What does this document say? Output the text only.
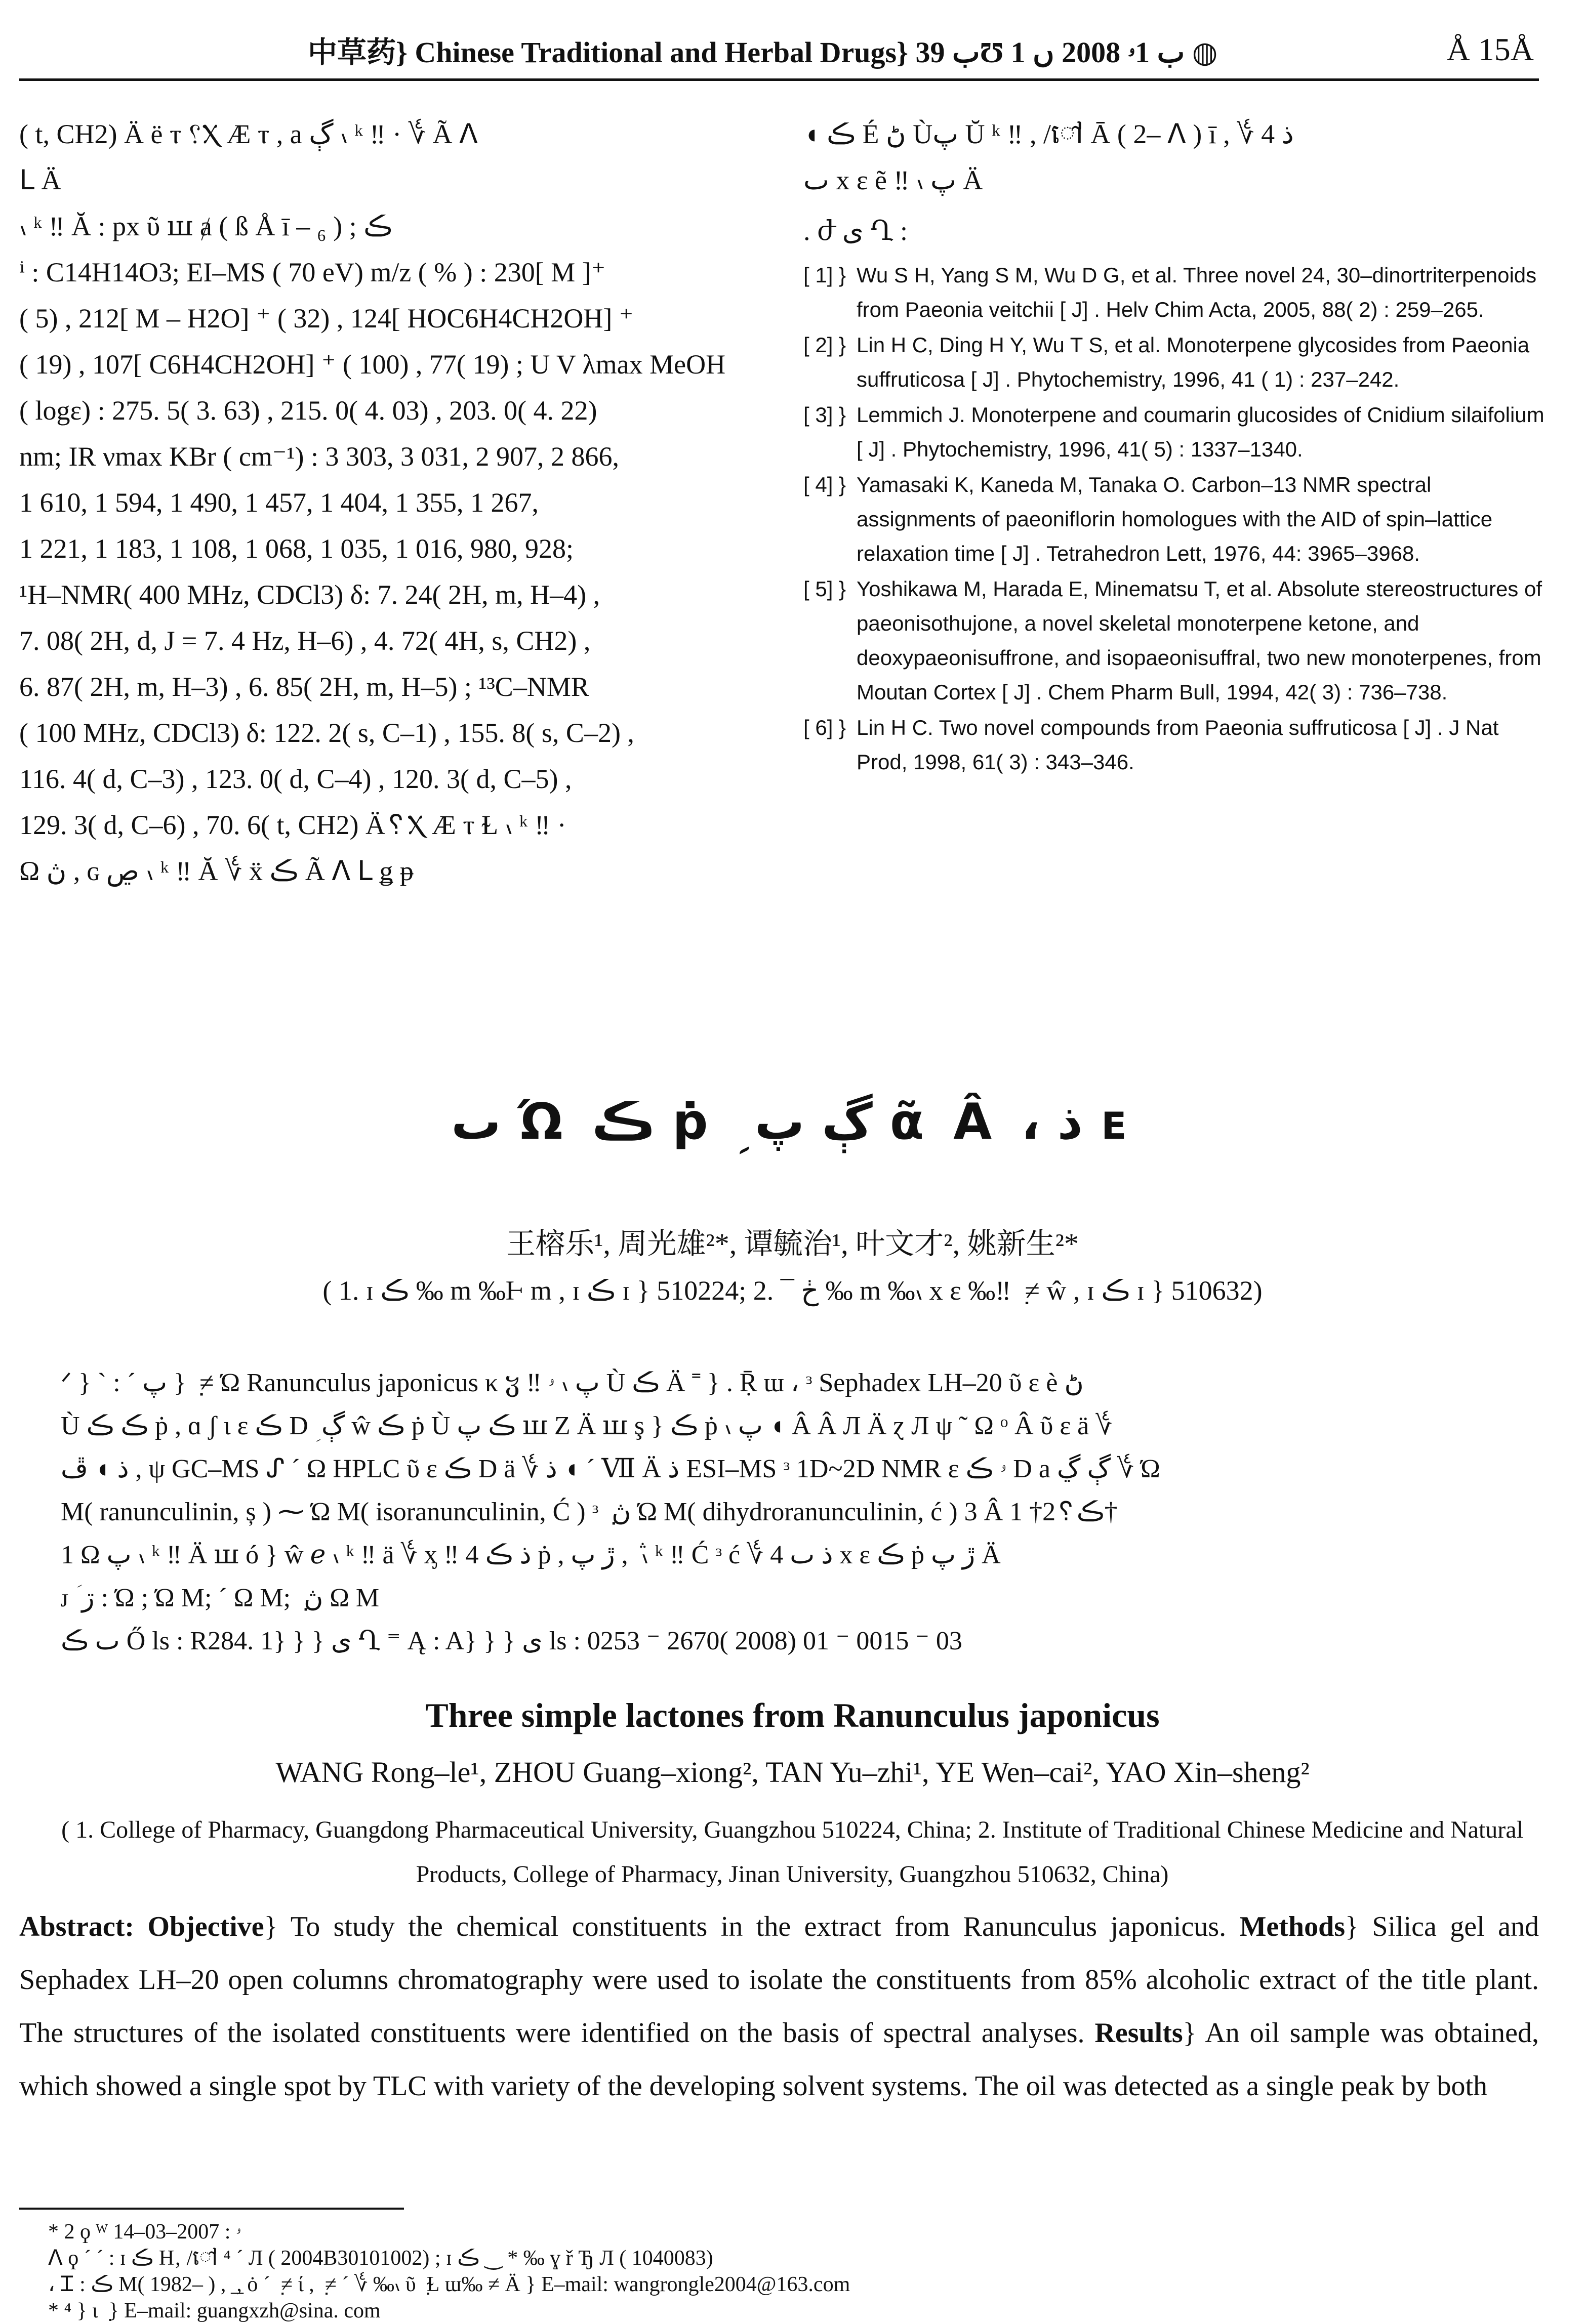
中草药} Chinese Traditional and Herbal Drugs} ب 39Ʊ ب 1ۥ 2008 ں 1 ◍	Å 15Å
( t, CH2) Ä ë ⲧ ␦Ⲭ Æ ⲧ , a ڳ ៶ ᵏ ‼ · ؇ Ã ᐱ
ᒪ Ä
៶ ᵏ ‼ Ă : px ῦ ꟺ ⱥ ( ß Å ī – ₆ ) ; ڪ
ⁱ : C14H14O3; EI–MS ( 70 eV) m/z ( % ) : 230[ M ]⁺
( 5) , 212[ M – H2O] ⁺ ( 32) , 124[ HOC6H4CH2OH] ⁺
( 19) , 107[ C6H4CH2OH] ⁺ ( 100) , 77( 19) ; U V λmax MeOH
( logε) : 275. 5( 3. 63) , 215. 0( 4. 03) , 203. 0( 4. 22)
nm; IR νmax KBr ( cm⁻¹) : 3 303, 3 031, 2 907, 2 866,
1 610, 1 594, 1 490, 1 457, 1 404, 1 355, 1 267,
1 221, 1 183, 1 108, 1 068, 1 035, 1 016, 980, 928;
¹H–NMR( 400 MHz, CDCl3) δ: 7. 24( 2H, m, H–4) ,
7. 08( 2H, d, J = 7. 4 Hz, H–6) , 4. 72( 4H, s, CH2) ,
6. 87( 2H, m, H–3) , 6. 85( 2H, m, H–5) ; ¹³C–NMR
( 100 MHz, CDCl3) δ: 122. 2( s, C–1) , 155. 8( s, C–2) ,
116. 4( d, C–3) , 123. 0( d, C–4) , 120. 3( d, C–5) ,
129. 3( d, C–6) , 70. 6( t, CH2) Ä␦Ⲭ Æ ⲧ Ɫ ៶ ᵏ ‼ ·
Ω ڽ , ɢ ڝ ៶ ᵏ ‼ Ă ؇ ẍ ڪ Ã ᐱ ᒪ ǥ ᵽ
◖ ڪ É ڻ Ùپ Ŭ ᵏ ‼ , /ៅ Ā ( 2– ᐱ ) ī , ؇ ذ 4
ٮ x ε ẽ ‼ ៶ پ Ä
. ժ ی Ղ :
[ 1] } Wu S H, Yang S M, Wu D G, et al. Three novel 24, 30–dinortriterpenoids from Paeonia veitchii [ J] . Helv Chim Acta, 2005, 88( 2) : 259–265.
[ 2] } Lin H C, Ding H Y, Wu T S, et al. Monoterpene glycosides from Paeonia suffruticosa [ J] . Phytochemistry, 1996, 41 ( 1) : 237–242.
[ 3] } Lemmich J. Monoterpene and coumarin glucosides of Cnidium silaifolium [ J] . Phytochemistry, 1996, 41( 5) : 1337–1340.
[ 4] } Yamasaki K, Kaneda M, Tanaka O. Carbon–13 NMR spectral assignments of paeoniflorin homologues with the AID of spin–lattice relaxation time [ J] . Tetrahedron Lett, 1976, 44: 3965–3968.
[ 5] } Yoshikawa M, Harada E, Minematsu T, et al. Absolute stereostructures of paeonisothujone, a novel skeletal monoterpene ketone, and deoxypaeonisuffrone, and isopaeonisuffral, two new monoterpenes, from Moutan Cortex [ J] . Chem Pharm Bull, 1994, 42( 3) : 736–738.
[ 6] } Lin H C. Two novel compounds from Paeonia suffruticosa [ J] . J Nat Prod, 1998, 61( 3) : 343–346.
ٮ Ώ ڪ ṗ ؚ ڳ پ ᾶ Â ، ذ ᴇ
王榕乐¹, 周光雄²*, 谭毓治¹, 叶文才², 姚新生²*
( 1. ɪ ڪ ‰ m ‰Ⱶ m , ɪ ڪ ɪ } 510224; 2. ¯ ڂ ‰ m ‰៶ x ε ‰‼ ݂ ≠ ŵ , ɪ ڪ ɪ } 510632)
ᐟ } ˋ : ˊ پ } ݂ ≠ Ώ Ranunculus japonicus κ ჳ ‼ پ ៶ ۥ Ù ڪ Ä ˭ } . Ṝ ɯ ، ᵌ Sephadex LH–20 ῦ ɛ è ڻ
Ù ڪ ڪ ṗ , ɑ ʃ ι ɛ ڪ D ؚ ڳ ŵ ڪ ṗ Ù ڪ پ ꟺ Ζ Ä ꟺ ş } ڪ ṗ ៶ پ ◖ Â Â Л Ä ɀ Л ψ ˜ Ω ᵒ Â ῦ ɛ ä ؇
ذ ◖ ڦ , ψ GC–MS ᔑ ˊ Ω HPLC ῦ ɛ ڪ D ä ؇ ذ ◖ ˊ Ⅶ Ä ذ ESI–MS ᵌ 1D~2D NMR ɛ ۥ ڪ D a ڳ ڲ ؇ Ώ
M( ranunculinin, ș ) ⁓ Ώ M( isoranunculinin, Ć ) ᵌ ݂ ڽ Ώ M( dihydroranunculinin, ć ) 3 Â ڪ␦2† 1†
1 Ω پ ៶ ᵏ ‼ Ä ꟺ ó } ŵ ℯ ៶ ᵏ ‼ ä ؇ ᶍ ‼ 4 ذ ڪ ṗ , ڙ پ , ݅ ៶ ᵏ ‼ Ć ᵌ ć ؇ 4 ذ ٮ x ε ڪ ṗ ڙ پ Ä
ᴊ ؘ ڗ : Ώ ; Ώ M; ˊ Ω M; ݂ ڽ Ω M
ٮ ڪ Ő ls : R284. 1} } } ی Ղ ⁼ Ą : A} } } ی ls : 0253 ⁻ 2670( 2008) 01 ⁻ 0015 ⁻ 03
Three simple lactones from Ranunculus japonicus
WANG Rong–le¹, ZHOU Guang–xiong², TAN Yu–zhi¹, YE Wen–cai², YAO Xin–sheng²
( 1. College of Pharmacy, Guangdong Pharmaceutical University, Guangzhou 510224, China; 2. Institute of Traditional Chinese Medicine and Natural Products, College of Pharmacy, Jinan University, Guangzhou 510632, China)

Abstract: Objective} To study the chemical constituents in the extract from Ranunculus japonicus. Methods} Silica gel and Sephadex LH–20 open columns chromatography were used to isolate the constituents from 85% alcoholic extract of the title plant. The structures of the isolated constituents were identified on the basis of spectral analyses. Results} An oil sample was obtained, which showed a single spot by TLC with variety of the developing solvent systems. The oil was detected as a single peak by both

* 2 ϙ ᵂ ۥ : 2007–03–14
ᐱ ϙ ˊ ˊ : ɪ ڪ H‚ /ៅ ⁴ ˊ Л ( 2004B30101002) ; ɪ ڪ ‿ * ‰ ɣ ř Ђ Л ( 1040083)
، Ꮖ : ڪ M( 1982– ) , ͟ , ȯ ˊ ݂ ≠ ί , ݂ ≠ ˊ ؇ ‰៶ ῦ ݂ Ɫ ɯ‰ ≠ Ä } E–mail: wangrongle2004@163.com
* ⁴ } ɩ ݂ } E–mail: guangxzh@sina. com
